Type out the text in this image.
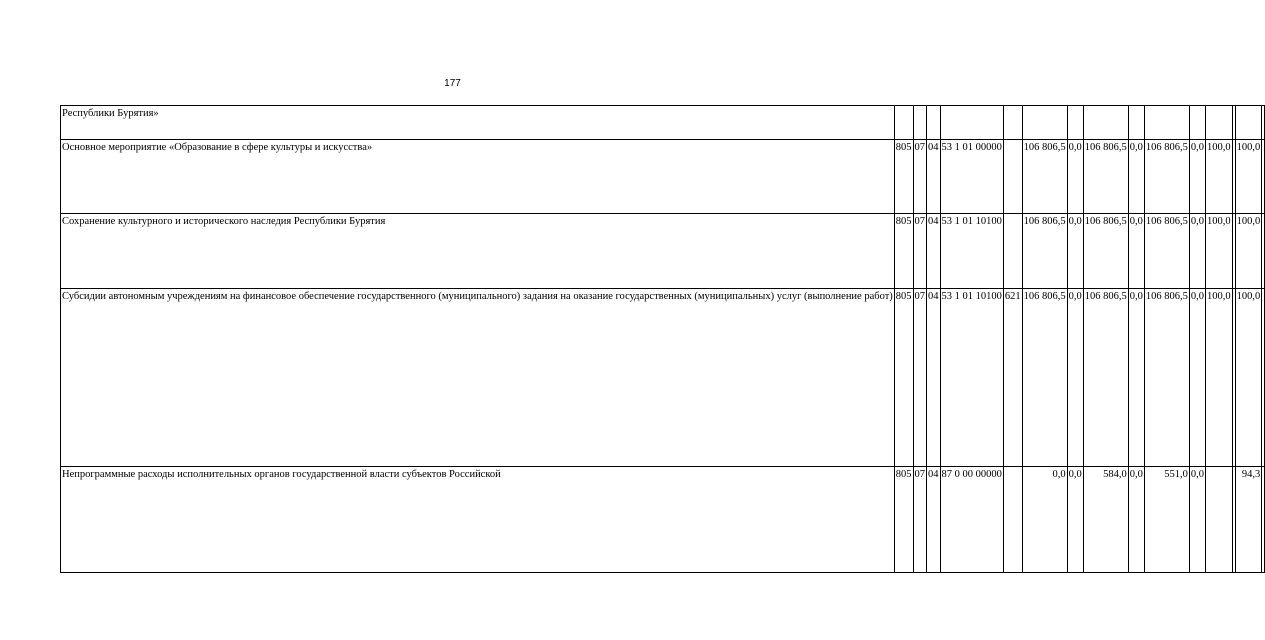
177
Республики Бурятия»															
Основное мероприятие «Образование в сфере культуры и искусства»	805	07	04	53 1 01 00000		106 806,5	0,0	106 806,5	0,0	106 806,5	0,0	100,0		100,0	
Сохранение культурного и исторического наследия Республики Бурятия	805	07	04	53 1 01 10100		106 806,5	0,0	106 806,5	0,0	106 806,5	0,0	100,0		100,0	
Субсидии автономным учреждениям на финансовое обеспечение государственного (муниципального) задания на оказание государственных (муниципальных) услуг (выполнение работ)	805	07	04	53 1 01 10100	621	106 806,5	0,0	106 806,5	0,0	106 806,5	0,0	100,0		100,0	
Непрограммные расходы исполнительных органов государственной власти субъектов Российской	805	07	04	87 0 00 00000		0,0	0,0	584,0	0,0	551,0	0,0			94,3	
